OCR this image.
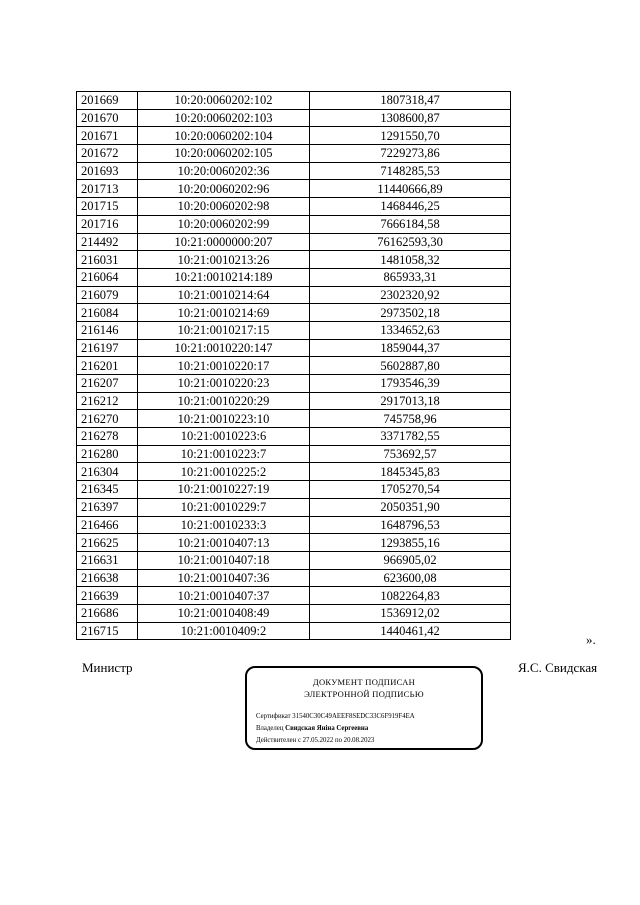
201669	10:20:0060202:102	1807318,47
201670	10:20:0060202:103	1308600,87
201671	10:20:0060202:104	1291550,70
201672	10:20:0060202:105	7229273,86
201693	10:20:0060202:36	7148285,53
201713	10:20:0060202:96	11440666,89
201715	10:20:0060202:98	1468446,25
201716	10:20:0060202:99	7666184,58
214492	10:21:0000000:207	76162593,30
216031	10:21:0010213:26	1481058,32
216064	10:21:0010214:189	865933,31
216079	10:21:0010214:64	2302320,92
216084	10:21:0010214:69	2973502,18
216146	10:21:0010217:15	1334652,63
216197	10:21:0010220:147	1859044,37
216201	10:21:0010220:17	5602887,80
216207	10:21:0010220:23	1793546,39
216212	10:21:0010220:29	2917013,18
216270	10:21:0010223:10	745758,96
216278	10:21:0010223:6	3371782,55
216280	10:21:0010223:7	753692,57
216304	10:21:0010225:2	1845345,83
216345	10:21:0010227:19	1705270,54
216397	10:21:0010229:7	2050351,90
216466	10:21:0010233:3	1648796,53
216625	10:21:0010407:13	1293855,16
216631	10:21:0010407:18	966905,02
216638	10:21:0010407:36	623600,08
216639	10:21:0010407:37	1082264,83
216686	10:21:0010408:49	1536912,02
216715	10:21:0010409:2	1440461,42
».
Министр	Я.С. Свидская
ДОКУМЕНТ ПОДПИСАН
ЭЛЕКТРОННОЙ ПОДПИСЬЮ
Сертификат 31540C30C49AEEF8SEDC33C6F919F4EA
Владелец Свидская Яніна Сергеевна
Действителен с 27.05.2022 по 20.08.2023
